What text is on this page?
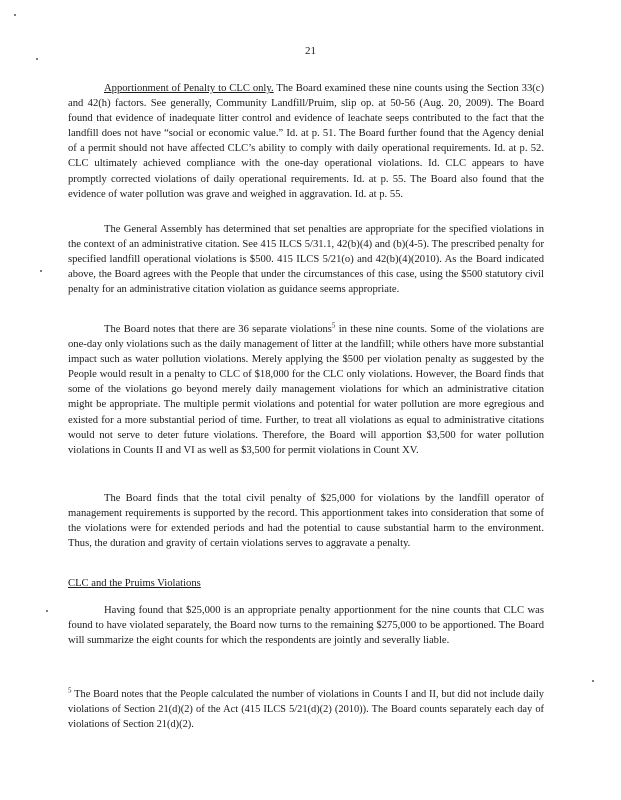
21

Apportionment of Penalty to CLC only. The Board examined these nine counts using the Section 33(c) and 42(h) factors. See generally, Community Landfill/Pruim, slip op. at 50-56 (Aug. 20, 2009). The Board found that evidence of inadequate litter control and evidence of leachate seeps contributed to the fact that the landfill does not have “social or economic value.” Id. at p. 51. The Board further found that the Agency denial of a permit should not have affected CLC’s ability to comply with daily operational requirements. Id. at p. 52. CLC ultimately achieved compliance with the one-day operational violations. Id. CLC appears to have promptly corrected violations of daily operational requirements. Id. at p. 55. The Board also found that the evidence of water pollution was grave and weighed in aggravation. Id. at p. 55.

The General Assembly has determined that set penalties are appropriate for the specified violations in the context of an administrative citation. See 415 ILCS 5/31.1, 42(b)(4) and (b)(4-5). The prescribed penalty for specified landfill operational violations is $500. 415 ILCS 5/21(o) and 42(b)(4)(2010). As the Board indicated above, the Board agrees with the People that under the circumstances of this case, using the $500 statutory civil penalty for an administrative citation violation as guidance seems appropriate.

The Board notes that there are 36 separate violations$^5$ in these nine counts. Some of the violations are one-day only violations such as the daily management of litter at the landfill; while others have more substantial impact such as water pollution violations. Merely applying the $500 per violation penalty as suggested by the People would result in a penalty to CLC of $18,000 for the CLC only violations. However, the Board finds that some of the violations go beyond merely daily management violations for which an administrative citation might be appropriate. The multiple permit violations and potential for water pollution are more egregious and existed for a more substantial period of time. Further, to treat all violations as equal to administrative citations would not serve to deter future violations. Therefore, the Board will apportion $3,500 for water pollution violations in Counts II and VI as well as $3,500 for permit violations in Count XV.

The Board finds that the total civil penalty of $25,000 for violations by the landfill operator of management requirements is supported by the record. This apportionment takes into consideration that some of the violations were for extended periods and had the potential to cause substantial harm to the environment. Thus, the duration and gravity of certain violations serves to aggravate a penalty.

CLC and the Pruims Violations

Having found that $25,000 is an appropriate penalty apportionment for the nine counts that CLC was found to have violated separately, the Board now turns to the remaining $275,000 to be apportioned. The Board will summarize the eight counts for which the respondents are jointly and severally liable.

$^5$ The Board notes that the People calculated the number of violations in Counts I and II, but did not include daily violations of Section 21(d)(2) of the Act (415 ILCS 5/21(d)(2) (2010)). The Board counts separately each day of violations of Section 21(d)(2).
